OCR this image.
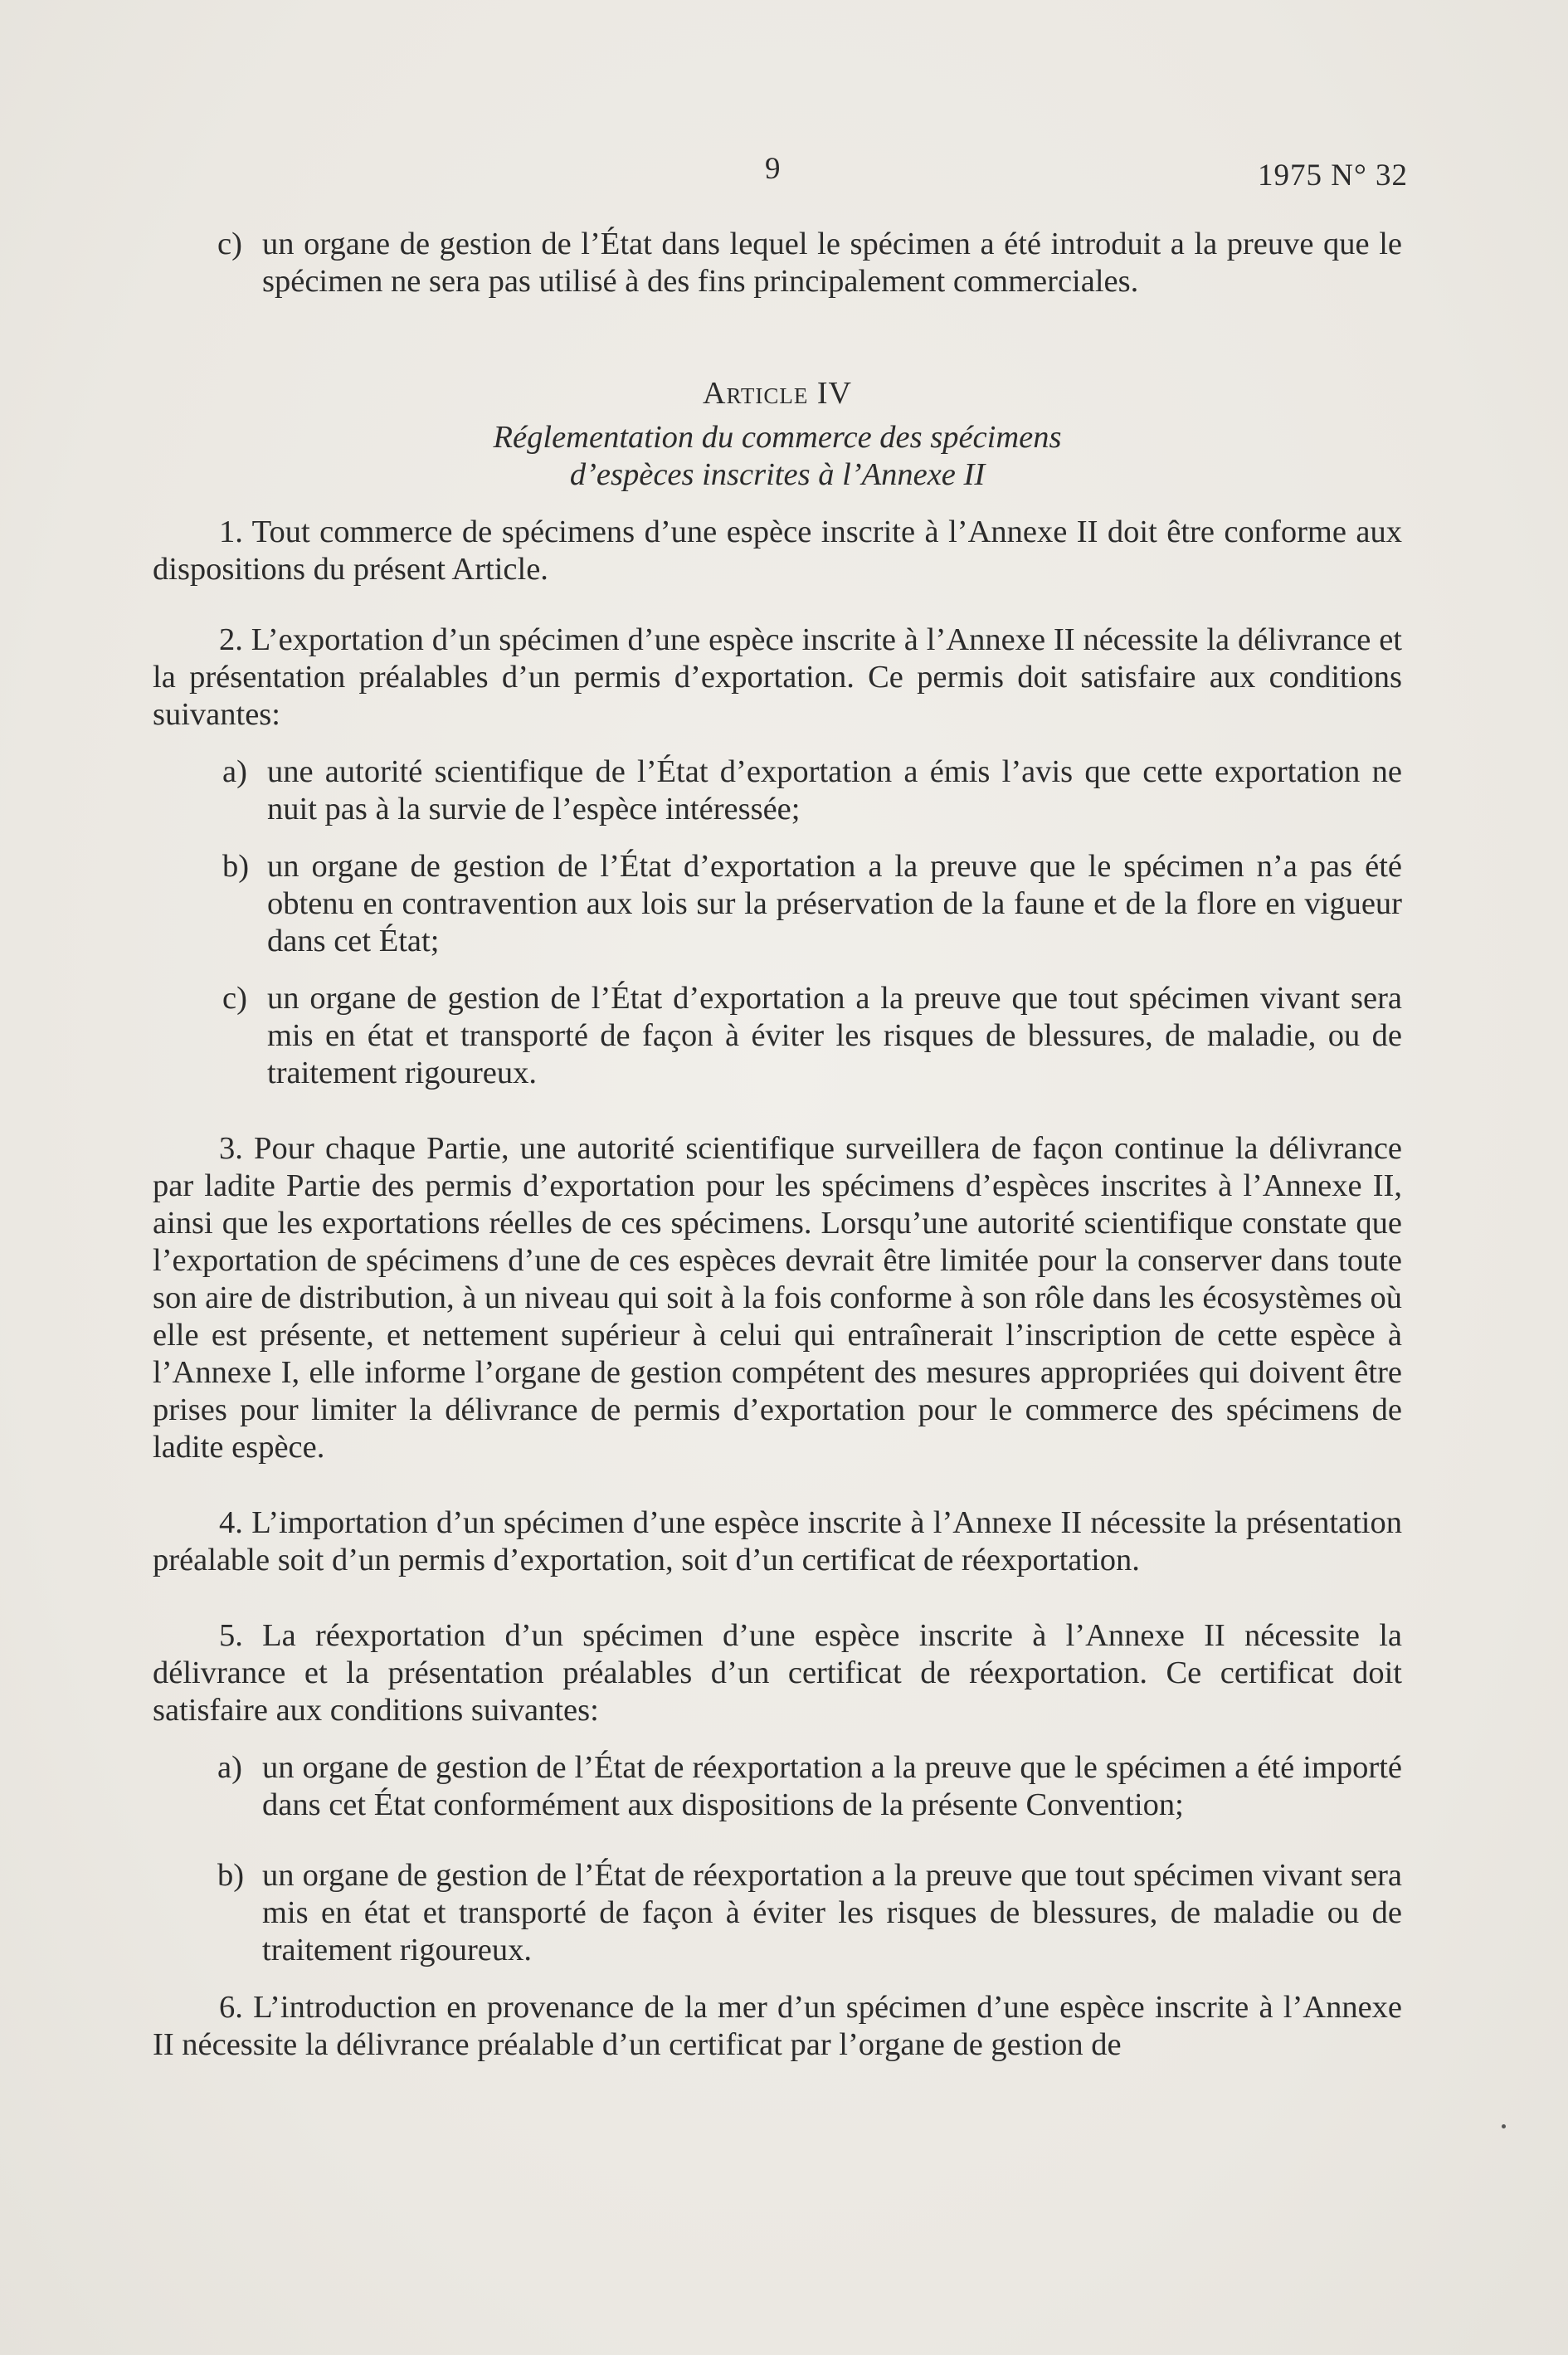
9	1975 N° 32
c) un organe de gestion de l’État dans lequel le spécimen a été introduit a la preuve que le spécimen ne sera pas utilisé à des fins principalement commerciales.
Article IV
Réglementation du commerce des spécimens
d’espèces inscrites à l’Annexe II

1. Tout commerce de spécimens d’une espèce inscrite à l’Annexe II doit être conforme aux dispositions du présent Article.

2. L’exportation d’un spécimen d’une espèce inscrite à l’Annexe II nécessite la délivrance et la présentation préalables d’un permis d’exportation. Ce permis doit satisfaire aux conditions suivantes:

a) une autorité scientifique de l’État d’exportation a émis l’avis que cette exportation ne nuit pas à la survie de l’espèce intéressée;
b) un organe de gestion de l’État d’exportation a la preuve que le spécimen n’a pas été obtenu en contravention aux lois sur la préservation de la faune et de la flore en vigueur dans cet État;
c) un organe de gestion de l’État d’exportation a la preuve que tout spécimen vivant sera mis en état et transporté de façon à éviter les risques de blessures, de maladie, ou de traitement rigoureux.

3. Pour chaque Partie, une autorité scientifique surveillera de façon continue la délivrance par ladite Partie des permis d’exportation pour les spécimens d’espèces inscrites à l’Annexe II, ainsi que les exportations réelles de ces spécimens. Lorsqu’une autorité scientifique constate que l’exportation de spécimens d’une de ces espèces devrait être limitée pour la conserver dans toute son aire de distribution, à un niveau qui soit à la fois conforme à son rôle dans les écosystèmes où elle est présente, et nettement supérieur à celui qui entraînerait l’inscription de cette espèce à l’Annexe I, elle informe l’organe de gestion compétent des mesures appropriées qui doivent être prises pour limiter la délivrance de permis d’exportation pour le commerce des spécimens de ladite espèce.

4. L’importation d’un spécimen d’une espèce inscrite à l’Annexe II nécessite la présentation préalable soit d’un permis d’exportation, soit d’un certificat de réexportation.

5. La réexportation d’un spécimen d’une espèce inscrite à l’Annexe II nécessite la délivrance et la présentation préalables d’un certificat de réexportation. Ce certificat doit satisfaire aux conditions suivantes:

a) un organe de gestion de l’État de réexportation a la preuve que le spécimen a été importé dans cet État conformément aux dispositions de la présente Convention;
b) un organe de gestion de l’État de réexportation a la preuve que tout spécimen vivant sera mis en état et transporté de façon à éviter les risques de blessures, de maladie ou de traitement rigoureux.

6. L’introduction en provenance de la mer d’un spécimen d’une espèce inscrite à l’Annexe II nécessite la délivrance préalable d’un certificat par l’organe de gestion de
